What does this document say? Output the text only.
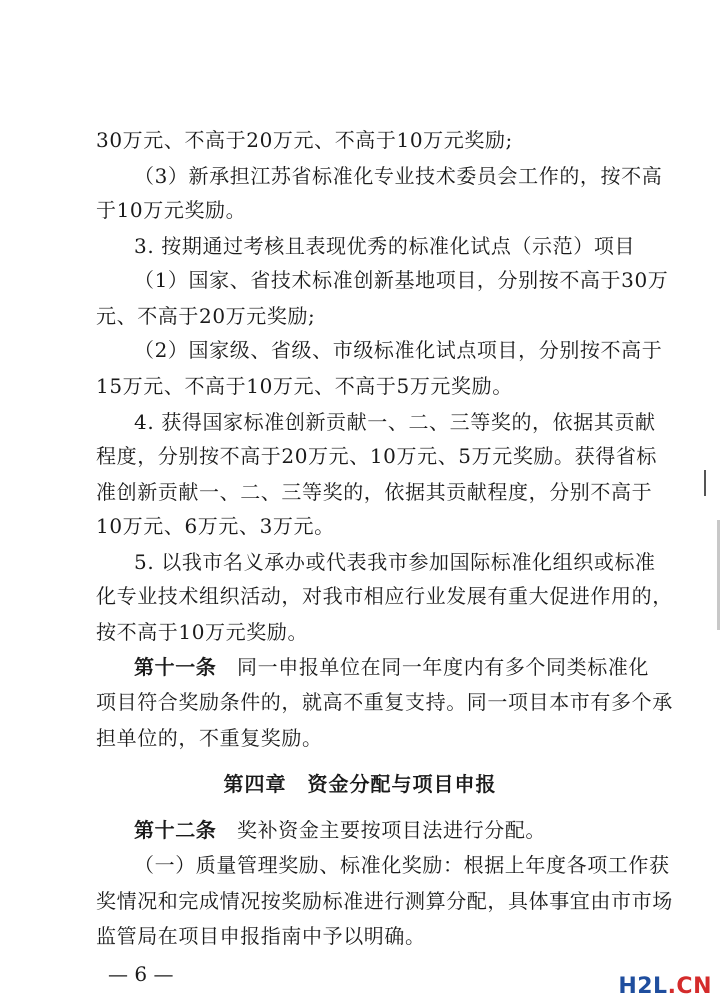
30万元、不高于20万元、不高于10万元奖励;
（3）新承担江苏省标准化专业技术委员会工作的，按不高
于10万元奖励。
3. 按期通过考核且表现优秀的标准化试点（示范）项目
（1）国家、省技术标准创新基地项目，分别按不高于30万
元、不高于20万元奖励;
（2）国家级、省级、市级标准化试点项目，分别按不高于
15万元、不高于10万元、不高于5万元奖励。
4. 获得国家标准创新贡献一、二、三等奖的，依据其贡献
程度，分别按不高于20万元、10万元、5万元奖励。获得省标
准创新贡献一、二、三等奖的，依据其贡献程度，分别不高于
10万元、6万元、3万元。
5. 以我市名义承办或代表我市参加国际标准化组织或标准
化专业技术组织活动，对我市相应行业发展有重大促进作用的，
按不高于10万元奖励。
第十一条　 同一申报单位在同一年度内有多个同类标准化
项目符合奖励条件的，就高不重复支持。同一项目本市有多个承
担单位的，不重复奖励。
第四章　资金分配与项目申报
第十二条　 奖补资金主要按项目法进行分配。
（一）质量管理奖励、标准化奖励：根据上年度各项工作获
奖情况和完成情况按奖励标准进行测算分配，具体事宜由市市场
监管局在项目申报指南中予以明确。
— 6 —	H2L.CN
